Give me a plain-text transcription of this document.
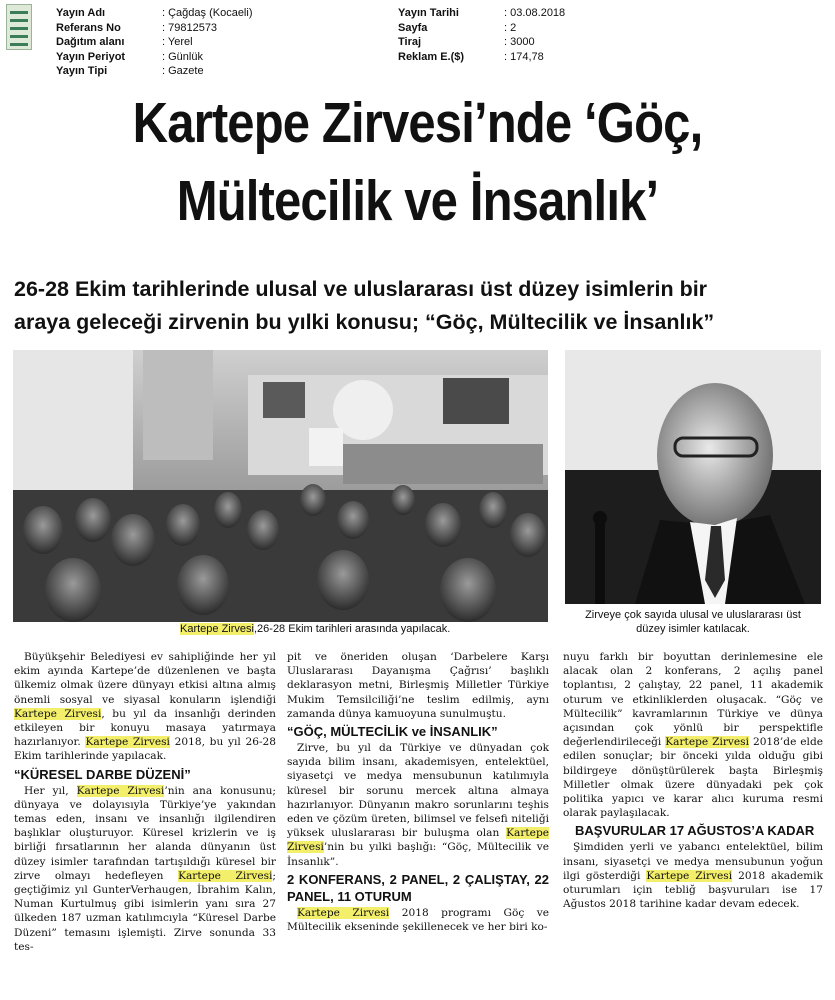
Yayın Adı	: Çağdaş (Kocaeli)
Referans No	: 79812573
Dağıtım alanı	: Yerel
Yayın Periyot	: Günlük
Yayın Tipi	: Gazete
Yayın Tarihi	: 03.08.2018
Sayfa	: 2
Tiraj	: 3000
Reklam E.($)	: 174,78
Kartepe Zirvesi’nde ‘Göç,
Mültecilik ve İnsanlık’
26-28 Ekim tarihlerinde ulusal ve uluslararası üst düzey isimlerin bir
araya geleceği zirvenin bu yılki konusu; “Göç, Mültecilik ve İnsanlık”
Kartepe Zirvesi,26-28 Ekim tarihleri arasında yapılacak.
Zirveye çok sayıda ulusal ve uluslararası üst
düzey isimler katılacak.

Büyükşehir Belediyesi ev sahipliğinde her yıl ekim ayında Kartepe’de düzenlenen ve başta ülkemiz olmak üzere dünyayı etkisi altına almış önemli sosyal ve siyasal konuların işlendiği Kartepe Zirvesi, bu yıl da insanlığı derinden etkileyen bir konuyu masaya yatırmaya hazırlanıyor. Kartepe Zirvesi 2018, bu yıl 26-28 Ekim tarihlerinde yapılacak.

“KÜRESEL DARBE DÜZENİ”

Her yıl, Kartepe Zirvesi’nin ana konusunu; dünyaya ve dolayısıyla Türkiye’ye yakından temas eden, insanı ve insanlığı ilgilendiren başlıklar oluşturuyor. Küresel krizlerin ve iş birliği fırsatlarının her alanda dünyanın üst düzey isimler tarafından tartışıldığı küresel bir zirve olmayı hedefleyen Kartepe Zirvesi; geçtiğimiz yıl GunterVerhaugen, İbrahim Kalın, Numan Kurtulmuş gibi isimlerin yanı sıra 27 ülkeden 187 uzman katılımcıyla “Küresel Darbe Düzeni” temasını işlemişti. Zirve sonunda 33 tes-

pit ve öneriden oluşan ‘Darbelere Karşı Uluslararası Dayanışma Çağrısı’ başlıklı deklarasyon metni, Birleşmiş Milletler Türkiye Mukim Temsilciliği’ne teslim edilmiş, aynı zamanda dünya kamuoyuna sunulmuştu.

“GÖÇ, MÜLTECİLİK ve İNSANLIK”

Zirve, bu yıl da Türkiye ve dünyadan çok sayıda bilim insanı, akademisyen, entelektüel, siyasetçi ve medya mensubunun katılımıyla küresel bir sorunu mercek altına almaya hazırlanıyor. Dünyanın makro sorunlarını teşhis eden ve çözüm üreten, bilimsel ve felsefi niteliği yüksek uluslararası bir buluşma olan Kartepe Zirvesi’nin bu yılki başlığı: “Göç, Mültecilik ve İnsanlık”.

2 KONFERANS, 2 PANEL, 2 ÇALIŞTAY, 22 PANEL, 11 OTURUM

Kartepe Zirvesi 2018 programı Göç ve Mültecilik ekseninde şekillenecek ve her biri ko-

nuyu farklı bir boyuttan derinlemesine ele alacak olan 2 konferans, 2 açılış panel toplantısı, 2 çalıştay, 22 panel, 11 akademik oturum ve etkinliklerden oluşacak. “Göç ve Mültecilik” kavramlarının Türkiye ve dünya açısından çok yönlü bir perspektifle değerlendirileceği Kartepe Zirvesi 2018’de elde edilen sonuçlar; bir önceki yılda olduğu gibi bildirgeye dönüştürülerek başta Birleşmiş Milletler olmak üzere dünyadaki pek çok politika yapıcı ve karar alıcı kuruma resmi olarak paylaşılacak.

BAŞVURULAR 17 AĞUSTOS’A KADAR

Şimdiden yerli ve yabancı entelektüel, bilim insanı, siyasetçi ve medya mensubunun yoğun ilgi gösterdiği Kartepe Zirvesi 2018 akademik oturumları için tebliğ başvuruları ise 17 Ağustos 2018 tarihine kadar devam edecek.
